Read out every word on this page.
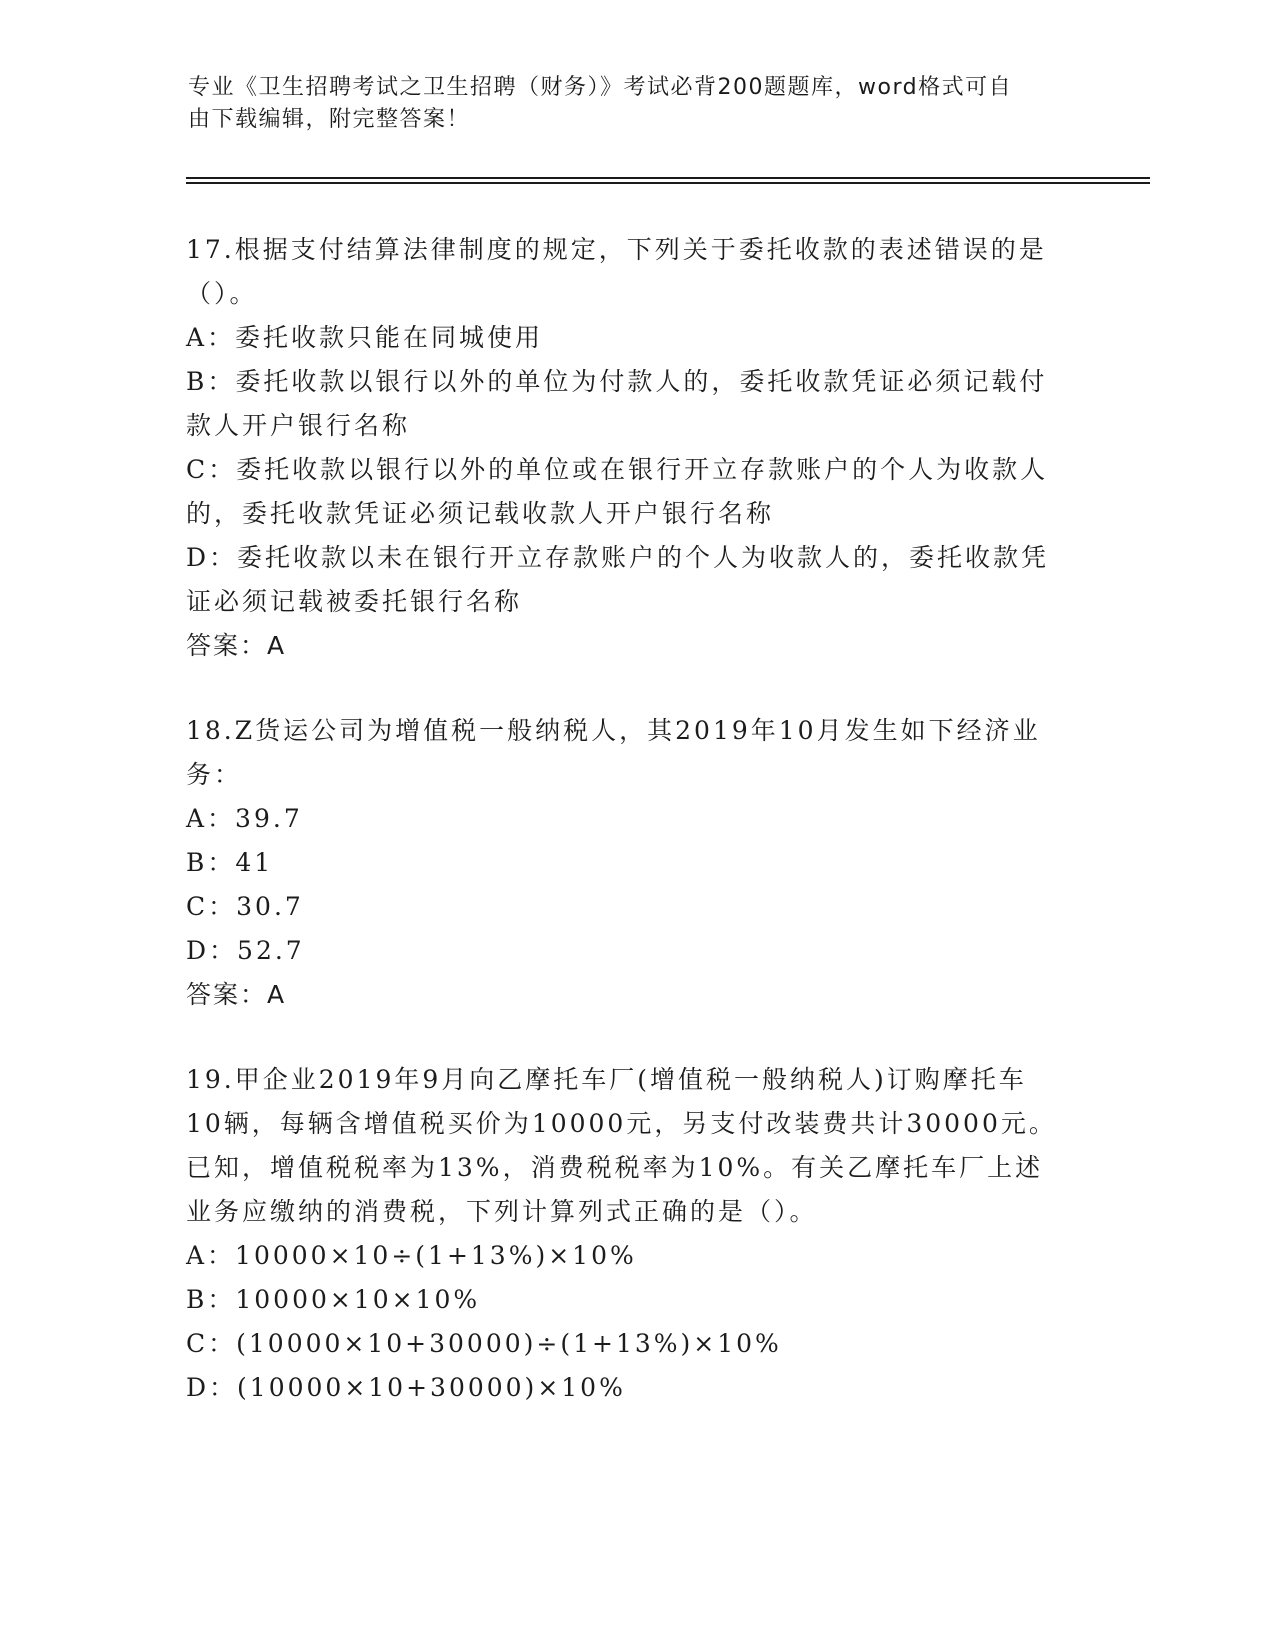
专业《卫生招聘考试之卫生招聘（财务）》考试必背200题题库，word格式可自
由下载编辑，附完整答案！
17.根据支付结算法律制度的规定，下列关于委托收款的表述错误的是
（）。
A：委托收款只能在同城使用
B：委托收款以银行以外的单位为付款人的，委托收款凭证必须记载付
款人开户银行名称
C：委托收款以银行以外的单位或在银行开立存款账户的个人为收款人
的，委托收款凭证必须记载收款人开户银行名称
D：委托收款以未在银行开立存款账户的个人为收款人的，委托收款凭
证必须记载被委托银行名称
答案：A
18.Z货运公司为增值税一般纳税人，其2019年10月发生如下经济业
务：
A：39.7
B：41
C：30.7
D：52.7
答案：A
19.甲企业2019年9月向乙摩托车厂(增值税一般纳税人)订购摩托车
10辆，每辆含增值税买价为10000元，另支付改装费共计30000元。
已知，增值税税率为13%，消费税税率为10%。有关乙摩托车厂上述
业务应缴纳的消费税，下列计算列式正确的是（）。
A：10000×10÷(1+13%)×10%
B：10000×10×10%
C：(10000×10+30000)÷(1+13%)×10%
D：(10000×10+30000)×10%
